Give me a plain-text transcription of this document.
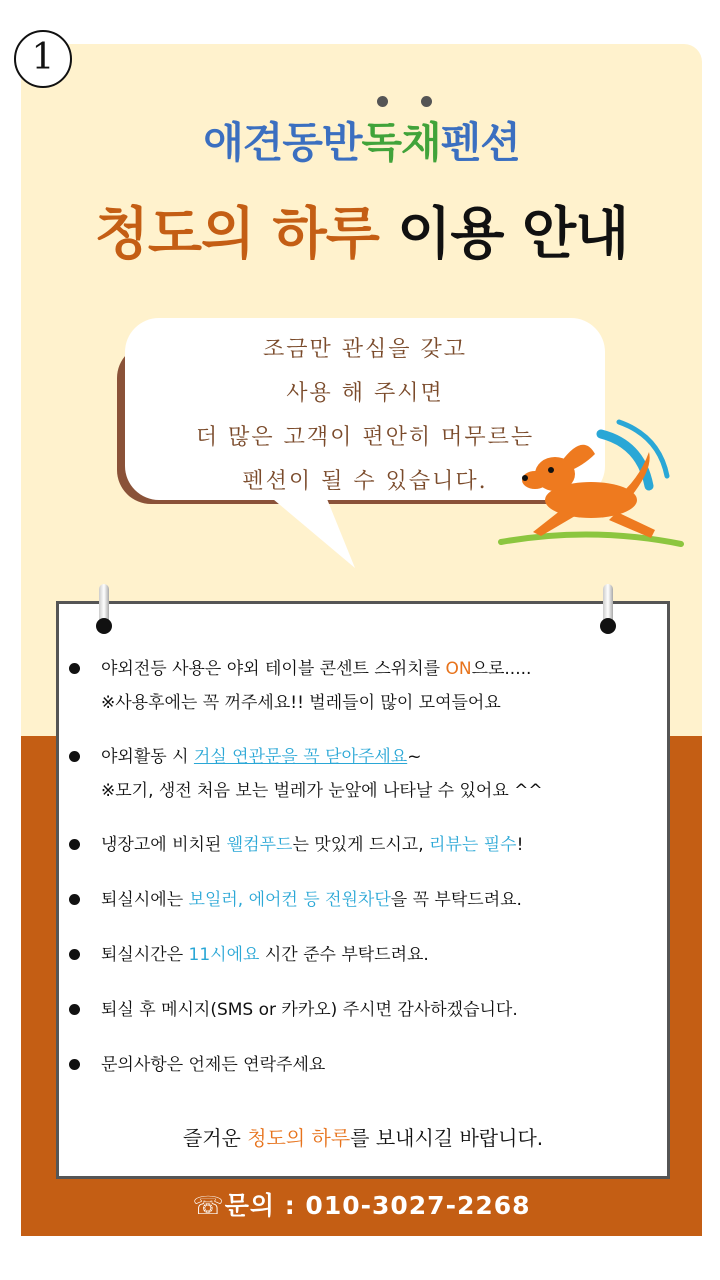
1
애견동반독채펜션
청도의 하루 이용 안내
조금만 관심을 갖고
사용 해 주시면
더 많은 고객이 편안히 머무르는
펜션이 될 수 있습니다.
야외전등 사용은 야외 테이블 콘센트 스위치를 ON으로.....
※사용후에는 꼭 꺼주세요!! 벌레들이 많이 모여들어요
야외활동 시 거실 연관문을 꼭 닫아주세요~
※모기, 생전 처음 보는 벌레가 눈앞에 나타날 수 있어요 ^^
냉장고에 비치된 웰컴푸드는 맛있게 드시고, 리뷰는 필수!
퇴실시에는 보일러, 에어컨 등 전원차단을 꼭 부탁드려요.
퇴실시간은 11시에요 시간 준수 부탁드려요.
퇴실 후 메시지(SMS or 카카오) 주시면 감사하겠습니다.
문의사항은 언제든 연락주세요
즐거운 청도의 하루를 보내시길 바랍니다.
☏문의 : 010-3027-2268
